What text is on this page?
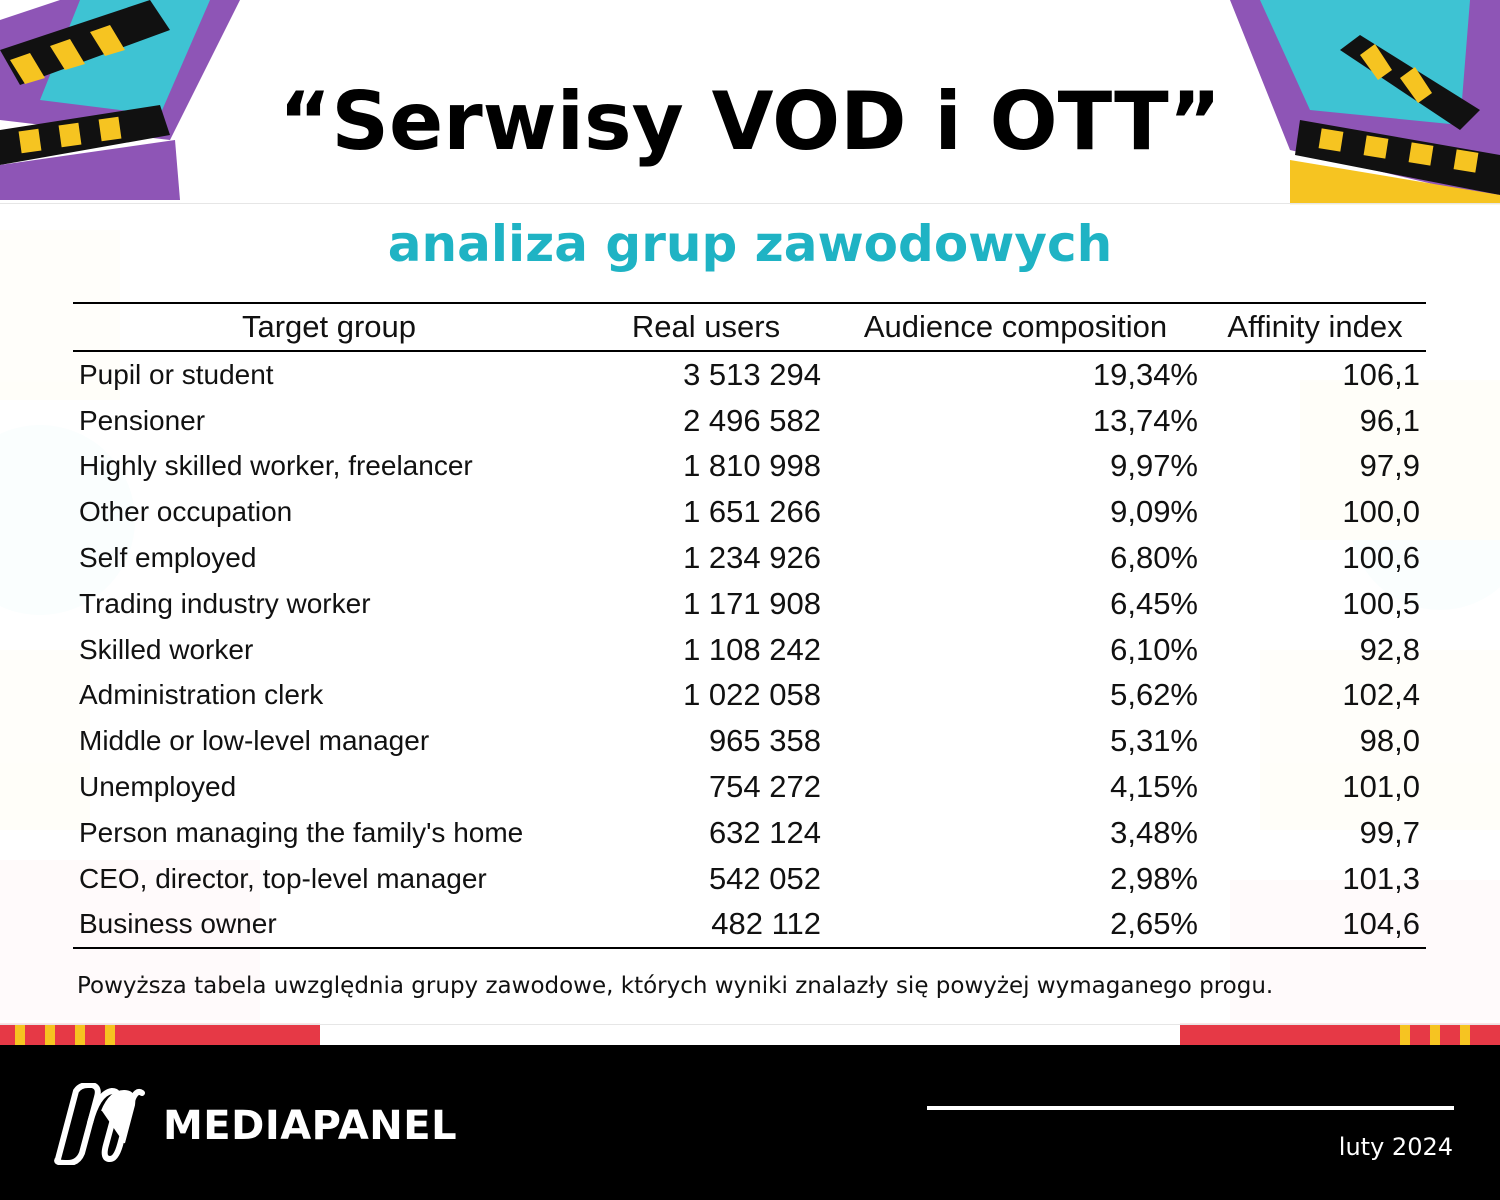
“Serwisy VOD i OTT”
analiza grup zawodowych
Target group	Real users	Audience composition	Affinity index
Pupil or student	3 513 294	19,34%	106,1
Pensioner	2 496 582	13,74%	96,1
Highly skilled worker, freelancer	1 810 998	9,97%	97,9
Other occupation	1 651 266	9,09%	100,0
Self employed	1 234 926	6,80%	100,6
Trading industry worker	1 171 908	6,45%	100,5
Skilled worker	1 108 242	6,10%	92,8
Administration clerk	1 022 058	5,62%	102,4
Middle or low-level manager	965 358	5,31%	98,0
Unemployed	754 272	4,15%	101,0
Person managing the family's home	632 124	3,48%	99,7
CEO, director, top-level manager	542 052	2,98%	101,3
Business owner	482 112	2,65%	104,6

Powyższa tabela uwzględnia grupy zawodowe, których wyniki znalazły się powyżej wymaganego progu.

MEDIAPANEL	luty 2024
